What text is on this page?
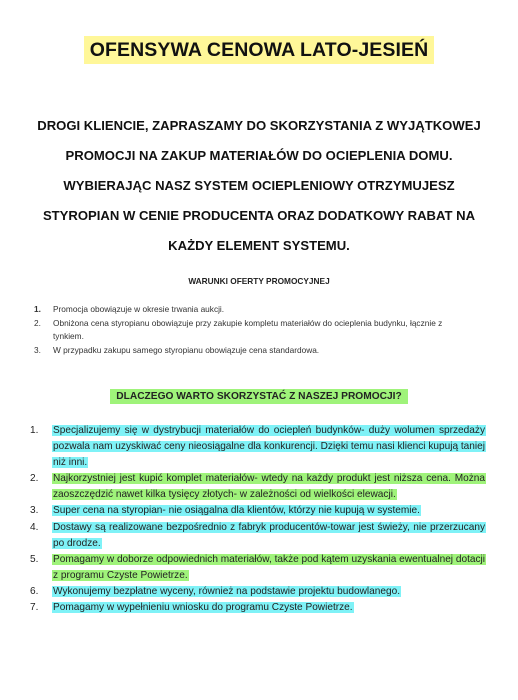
OFENSYWA CENOWA LATO-JESIEŃ
DROGI KLIENCIE, ZAPRASZAMY DO SKORZYSTANIA Z WYJĄTKOWEJ PROMOCJI NA ZAKUP MATERIAŁÓW DO OCIEPLENIA DOMU. WYBIERAJĄC NASZ SYSTEM OCIEPLENIOWY OTRZYMUJESZ STYROPIAN W CENIE PRODUCENTA ORAZ DODATKOWY RABAT NA KAŻDY ELEMENT SYSTEMU.
WARUNKI OFERTY PROMOCYJNEJ
1. Promocja obowiązuje w okresie trwania aukcji.
2. Obniżona cena styropianu obowiązuje przy zakupie kompletu materiałów do ocieplenia budynku, łącznie z tynkiem.
3. W przypadku zakupu samego styropianu obowiązuje cena standardowa.
DLACZEGO WARTO SKORZYSTAĆ Z NASZEJ PROMOCJI?
1. Specjalizujemy się w dystrybucji materiałów do ociepleń budynków- duży wolumen sprzedaży pozwala nam uzyskiwać ceny nieosiągalne dla konkurencji. Dzięki temu nasi klienci kupują taniej niż inni.
2. Najkorzystniej jest kupić komplet materiałów- wtedy na każdy produkt jest niższa cena. Można zaoszczędzić nawet kilka tysięcy złotych- w zależności od wielkości elewacji.
3. Super cena na styropian- nie osiągalna dla klientów, którzy nie kupują w systemie.
4. Dostawy są realizowane bezpośrednio z fabryk producentów-towar jest świeży, nie przerzucany po drodze.
5. Pomagamy w doborze odpowiednich materiałów, także pod kątem uzyskania ewentualnej dotacji z programu Czyste Powietrze.
6. Wykonujemy bezpłatne wyceny, również na podstawie projektu budowlanego.
7. Pomagamy w wypełnieniu wniosku do programu Czyste Powietrze.
